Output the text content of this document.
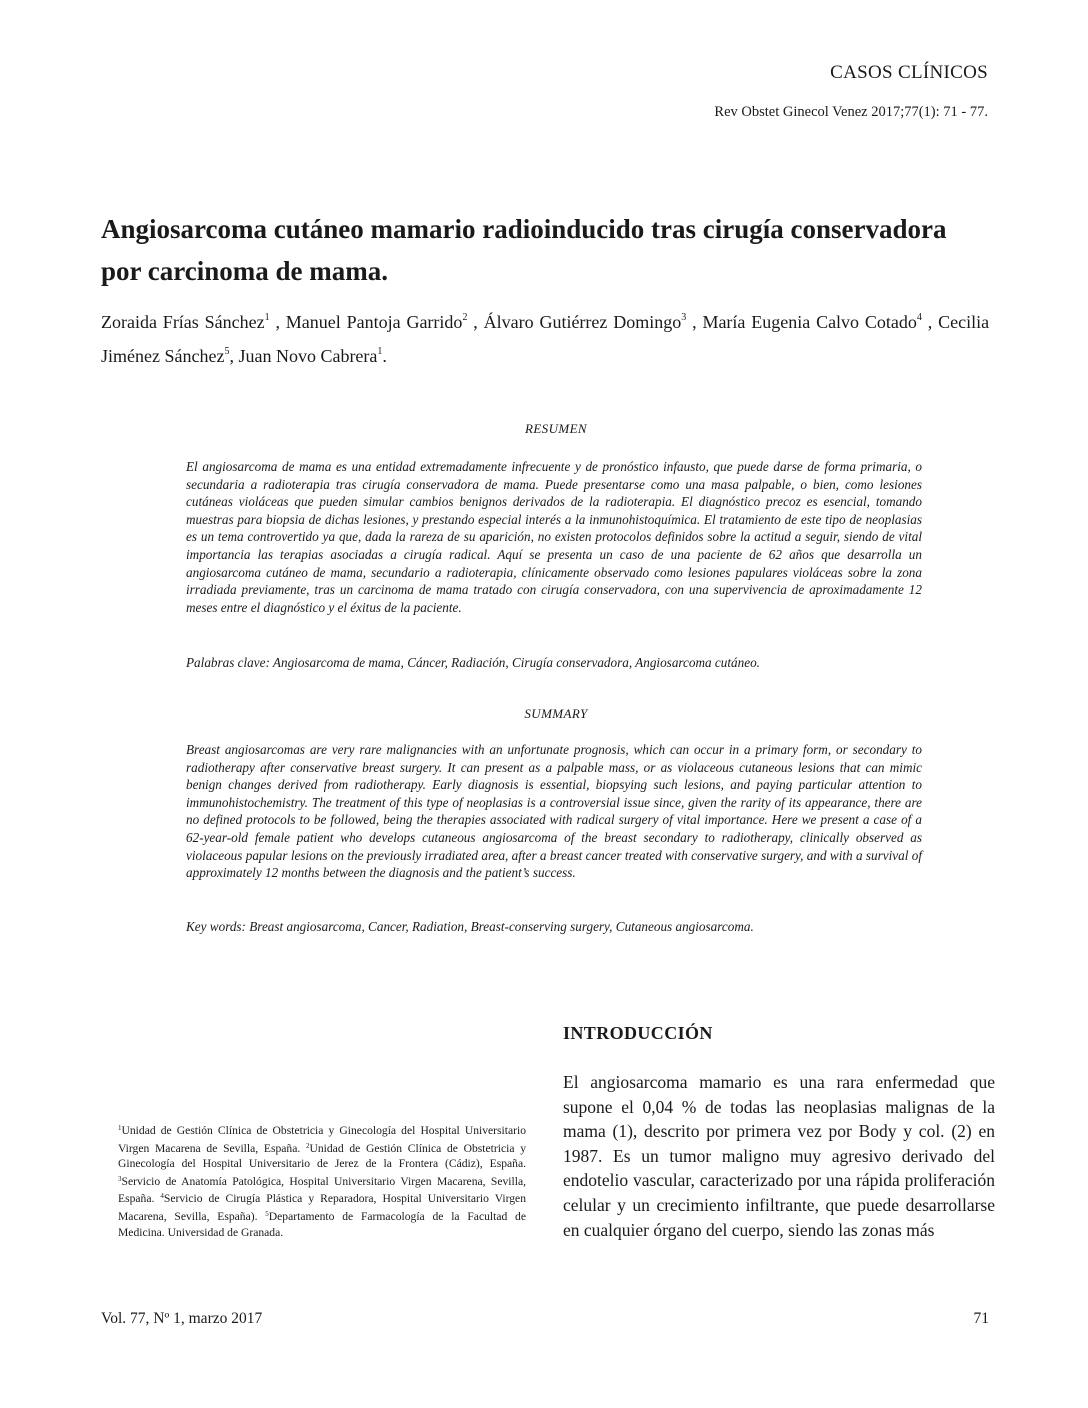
CASOS CLÍNICOS
Rev Obstet Ginecol Venez 2017;77(1): 71 - 77.
Angiosarcoma cutáneo mamario radioinducido tras cirugía conservadora por carcinoma de mama.
Zoraida Frías Sánchez$^1$ , Manuel Pantoja Garrido$^2$ , Álvaro Gutiérrez Domingo$^3$ , María Eugenia Calvo Cotado$^4$ , Cecilia Jiménez Sánchez$^5$, Juan Novo Cabrera$^1$.
RESUMEN

El angiosarcoma de mama es una entidad extremadamente infrecuente y de pronóstico infausto, que puede darse de forma primaria, o secundaria a radioterapia tras cirugía conservadora de mama. Puede presentarse como una masa palpable, o bien, como lesiones cutáneas violáceas que pueden simular cambios benignos derivados de la radioterapia. El diagnóstico precoz es esencial, tomando muestras para biopsia de dichas lesiones, y prestando especial interés a la inmunohistoquímica. El tratamiento de este tipo de neoplasias es un tema controvertido ya que, dada la rareza de su aparición, no existen protocolos definidos sobre la actitud a seguir, siendo de vital importancia las terapias asociadas a cirugía radical. Aquí se presenta un caso de una paciente de 62 años que desarrolla un angiosarcoma cutáneo de mama, secundario a radioterapia, clínicamente observado como lesiones papulares violáceas sobre la zona irradiada previamente, tras un carcinoma de mama tratado con cirugía conservadora, con una supervivencia de aproximadamente 12 meses entre el diagnóstico y el éxitus de la paciente.

Palabras clave: Angiosarcoma de mama, Cáncer, Radiación, Cirugía conservadora, Angiosarcoma cutáneo.

SUMMARY

Breast angiosarcomas are very rare malignancies with an unfortunate prognosis, which can occur in a primary form, or secondary to radiotherapy after conservative breast surgery. It can present as a palpable mass, or as violaceous cutaneous lesions that can mimic benign changes derived from radiotherapy. Early diagnosis is essential, biopsying such lesions, and paying particular attention to immunohistochemistry. The treatment of this type of neoplasias is a controversial issue since, given the rarity of its appearance, there are no defined protocols to be followed, being the therapies associated with radical surgery of vital importance. Here we present a case of a 62-year-old female patient who develops cutaneous angiosarcoma of the breast secondary to radiotherapy, clinically observed as violaceous papular lesions on the previously irradiated area, after a breast cancer treated with conservative surgery, and with a survival of approximately 12 months between the diagnosis and the patient’s success.

Key words: Breast angiosarcoma, Cancer, Radiation, Breast-conserving surgery, Cutaneous angiosarcoma.

INTRODUCCIÓN

El angiosarcoma mamario es una rara enfermedad que supone el 0,04 % de todas las neoplasias malignas de la mama (1), descrito por primera vez por Body y col. (2) en 1987. Es un tumor maligno muy agresivo derivado del endotelio vascular, caracterizado por una rápida proliferación celular y un crecimiento infiltrante, que puede desarrollarse en cualquier órgano del cuerpo, siendo las zonas más

$^1$Unidad de Gestión Clínica de Obstetricia y Ginecología del Hospital Universitario Virgen Macarena de Sevilla, España. $^2$Unidad de Gestión Clínica de Obstetricia y Ginecología del Hospital Universitario de Jerez de la Frontera (Cádiz), España. $^3$Servicio de Anatomía Patológica, Hospital Universitario Virgen Macarena, Sevilla, España. $^4$Servicio de Cirugía Plástica y Reparadora, Hospital Universitario Virgen Macarena, Sevilla, España). $^5$Departamento de Farmacología de la Facultad de Medicina. Universidad de Granada.

Vol. 77, Nº 1, marzo 2017	71
